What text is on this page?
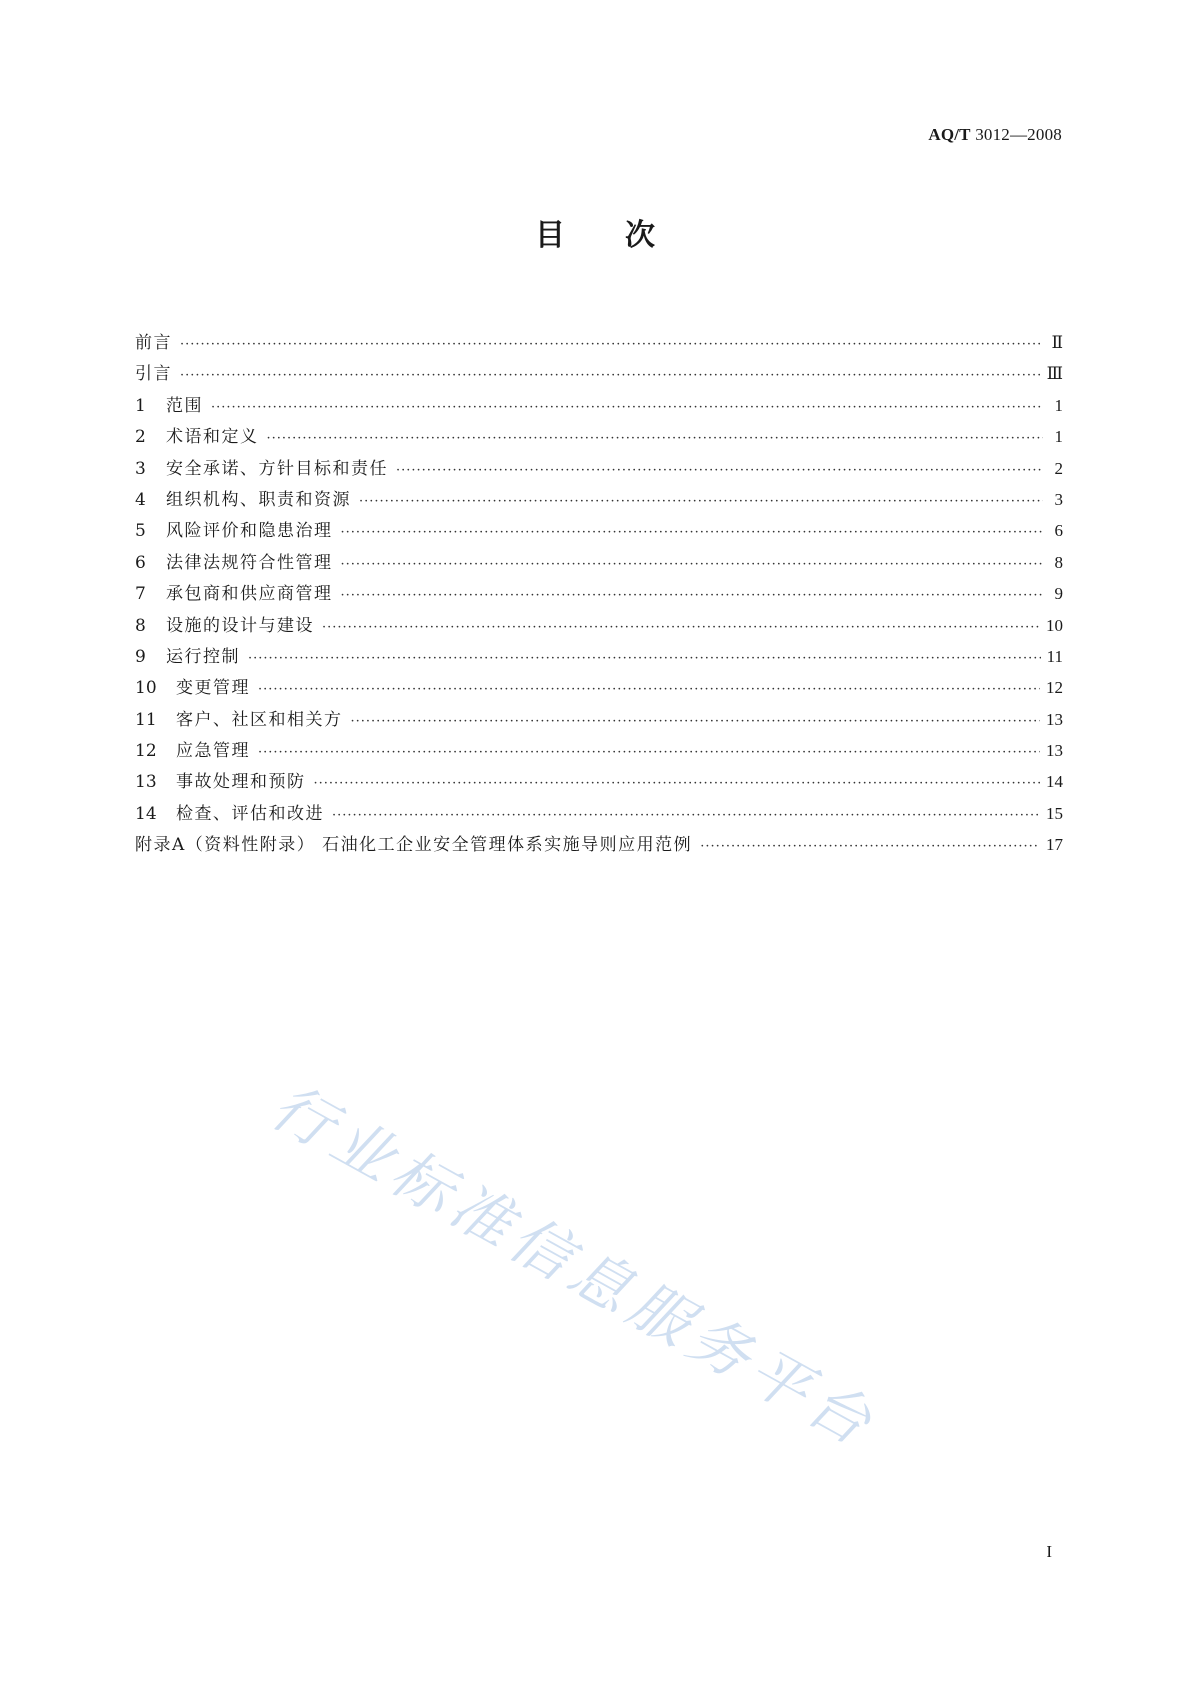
AQ/T 3012—2008
目次
前言 ·····	Ⅱ
引言 ·····	Ⅲ
1	范围 ·····	1
2	术语和定义 ·····	1
3	安全承诺、方针目标和责任 ·····	2
4	组织机构、职责和资源 ·····	3
5	风险评价和隐患治理 ·····	6
6	法律法规符合性管理 ·····	8
7	承包商和供应商管理 ·····	9
8	设施的设计与建设 ·····	10
9	运行控制 ·····	11
10	变更管理 ·····	12
11	客户、社区和相关方 ·····	13
12	应急管理 ·····	13
13	事故处理和预防 ·····	14
14	检查、评估和改进 ·····	15
附录A（资料性附录） 石油化工企业安全管理体系实施导则应用范例 ·····	17
行业标准信息服务平台
I
